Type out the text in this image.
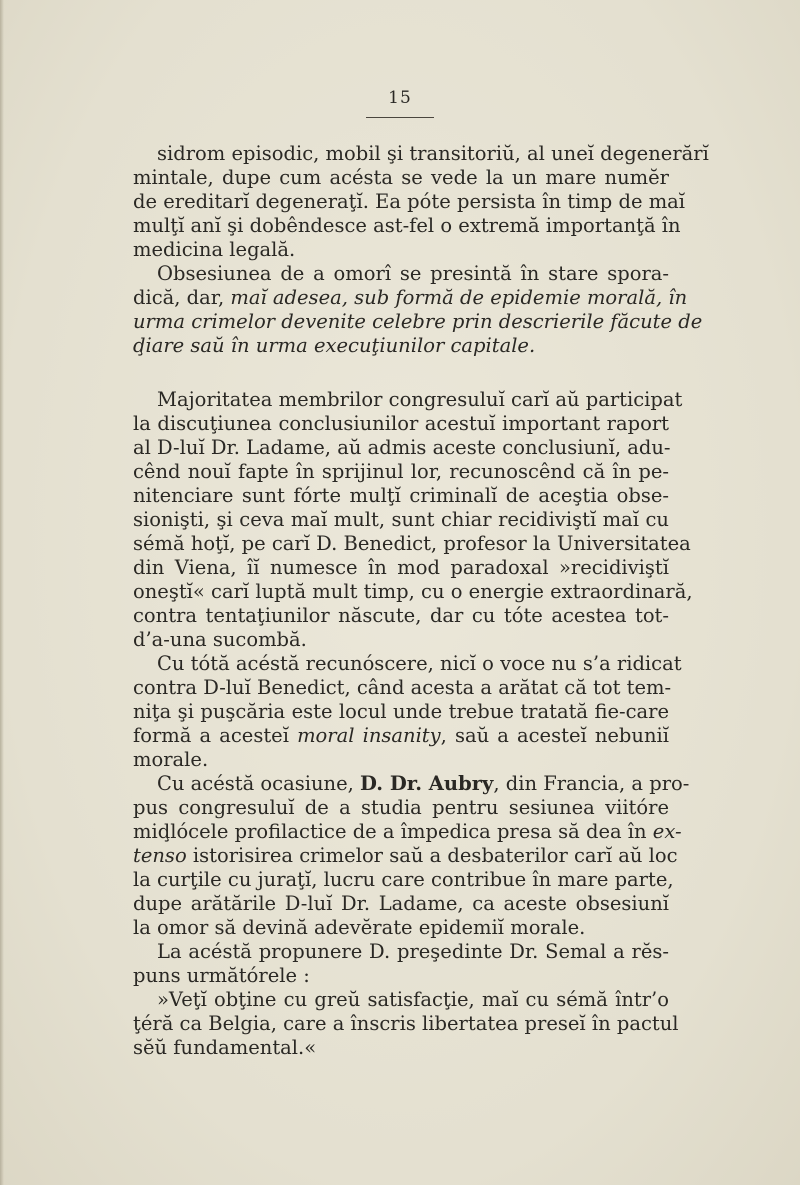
15
sidrom episodic, mobil şi transitoriŭ, al uneĭ degenerărĭ
mintale, dupe cum acésta se vede la un mare numĕr
de ereditarĭ degeneraţĭ. Ea póte persista în timp de maĭ
mulţĭ anĭ şi dobêndesce ast-fel o extremă importanţă în
medicina legală.
Obsesiunea de a omorî se presintă în stare spora-
dică, dar, maĭ adesea, sub formă de epidemie morală, în
urma crimelor devenite celebre prin descrierile făcute de
ḑiare saŭ în urma execuţiunilor capitale.
Majoritatea membrilor congresuluĭ carĭ aŭ participat
la discuţiunea conclusiunilor acestuĭ important raport
al D-luĭ Dr. Ladame, aŭ admis aceste conclusiunĭ, adu-
cênd nouĭ fapte în sprijinul lor, recunoscênd că în pe-
nitenciare sunt fórte mulţĭ criminalĭ de aceştia obse-
sionişti, şi ceva maĭ mult, sunt chiar recidiviştĭ maĭ cu
sémă hoţĭ, pe carĭ D. Benedict, profesor la Universitatea
din Viena, îĭ numesce în mod paradoxal »recidiviştĭ
oneştĭ« carĭ luptă mult timp, cu o energie extraordinară,
contra tentaţiunilor născute, dar cu tóte acestea tot-
d’a-una sucombă.
Cu tótă acéstă recunóscere, nicĭ o voce nu s’a ridicat
contra D-luĭ Benedict, când acesta a arătat că tot tem-
niţa şi puşcăria este locul unde trebue tratată fie-care
formă a acesteĭ moral insanity, saŭ a acesteĭ nebuniĭ
morale.
Cu acéstă ocasiune, D. Dr. Aubry, din Francia, a pro-
pus congresuluĭ de a studia pentru sesiunea viitóre
miḑlócele profilactice de a împedica presa să dea în ex-
tenso istorisirea crimelor saŭ a desbaterilor carĭ aŭ loc
la curţile cu juraţĭ, lucru care contribue în mare parte,
dupe arătările D-luĭ Dr. Ladame, ca aceste obsesiunĭ
la omor să devină adevĕrate epidemiĭ morale.
La acéstă propunere D. preşedinte Dr. Semal a rĕs-
puns următórele :
»Veţĭ obţine cu greŭ satisfacţie, maĭ cu sémă într’o
ţéră ca Belgia, care a înscris libertatea preseĭ în pactul
sĕŭ fundamental.«
